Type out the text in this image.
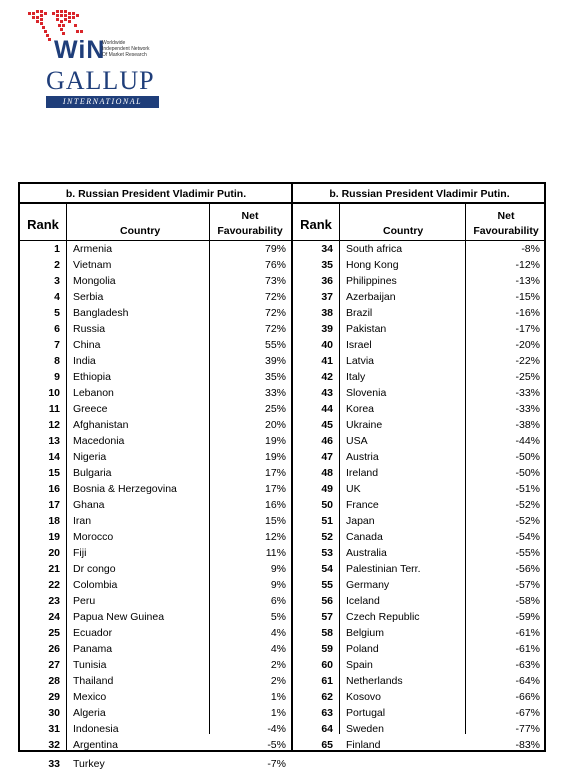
WiN
Worldwide
Independent Network
Of Market Research
GALLUP
INTERNATIONAL
b. Russian President Vladimir Putin.
Rank	Country
Net
Favourability
1 Armenia	79%
2 Vietnam	76%
3 Mongolia	73%
4 Serbia	72%
5 Bangladesh	72%
6 Russia	72%
7 China	55%
8 India	39%
9 Ethiopia	35%
10 Lebanon	33%
11 Greece	25%
12 Afghanistan	20%
13 Macedonia	19%
14 Nigeria	19%
15 Bulgaria	17%
16 Bosnia & Herzegovina	17%
17 Ghana	16%
18 Iran	15%
19 Morocco	12%
20 Fiji	11%
21 Dr congo	9%
22 Colombia	9%
23 Peru	6%
24 Papua New Guinea	5%
25 Ecuador	4%
26 Panama	4%
27 Tunisia	2%
28 Thailand	2%
29 Mexico	1%
30 Algeria	1%
31 Indonesia	-4%
32 Argentina	-5%
33 Turkey	-7%
b. Russian President Vladimir Putin.
Rank	Country
Net
Favourability
34 South africa	-8%
35 Hong Kong	-12%
36 Philippines	-13%
37 Azerbaijan	-15%
38 Brazil	-16%
39 Pakistan	-17%
40 Israel	-20%
41 Latvia	-22%
42 Italy	-25%
43 Slovenia	-33%
44 Korea	-33%
45 Ukraine	-38%
46 USA	-44%
47 Austria	-50%
48 Ireland	-50%
49 UK	-51%
50 France	-52%
51 Japan	-52%
52 Canada	-54%
53 Australia	-55%
54 Palestinian Terr.	-56%
55 Germany	-57%
56 Iceland	-58%
57 Czech Republic	-59%
58 Belgium	-61%
59 Poland	-61%
60 Spain	-63%
61 Netherlands	-64%
62 Kosovo	-66%
63 Portugal	-67%
64 Sweden	-77%
65 Finland	-83%
